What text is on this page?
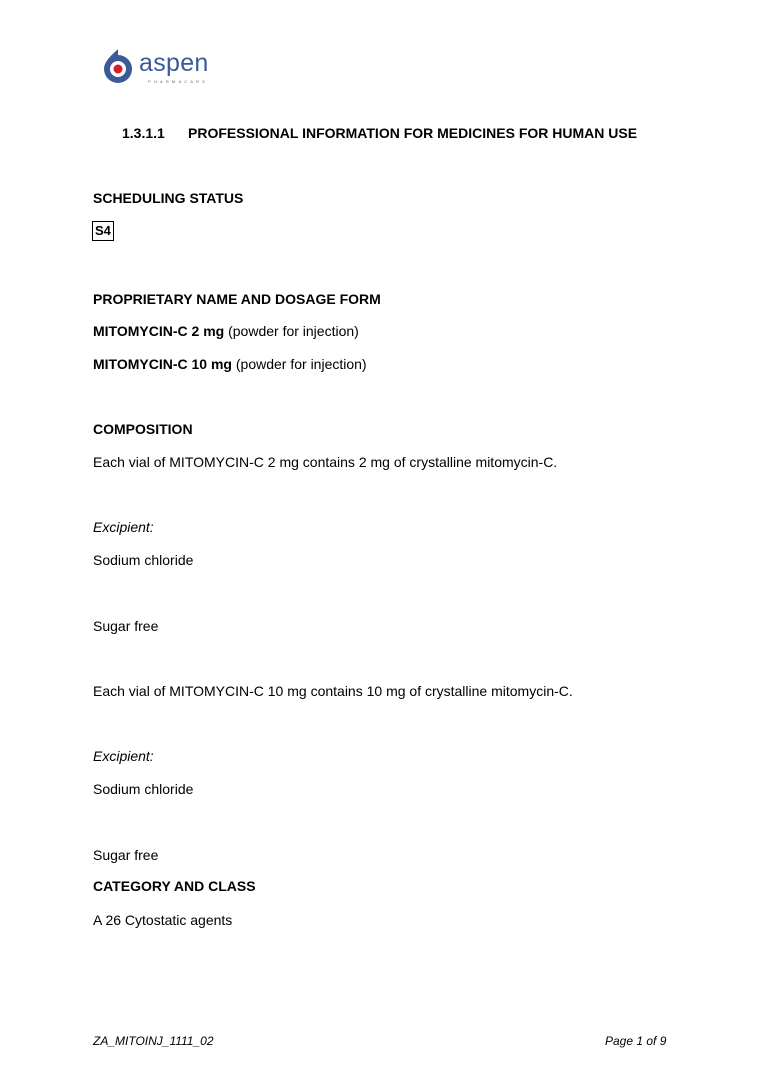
aspen
PHARMACARE
1.3.1.1 PROFESSIONAL INFORMATION FOR MEDICINES FOR HUMAN USE
SCHEDULING STATUS
S4
PROPRIETARY NAME AND DOSAGE FORM
MITOMYCIN-C 2 mg (powder for injection)
MITOMYCIN-C 10 mg (powder for injection)
COMPOSITION
Each vial of MITOMYCIN-C 2 mg contains 2 mg of crystalline mitomycin-C.
Excipient:
Sodium chloride
Sugar free
Each vial of MITOMYCIN-C 10 mg contains 10 mg of crystalline mitomycin-C.
Excipient:
Sodium chloride
Sugar free
CATEGORY AND CLASS
A 26 Cytostatic agents
ZA_MITOINJ_1111_02	Page 1 of 9
